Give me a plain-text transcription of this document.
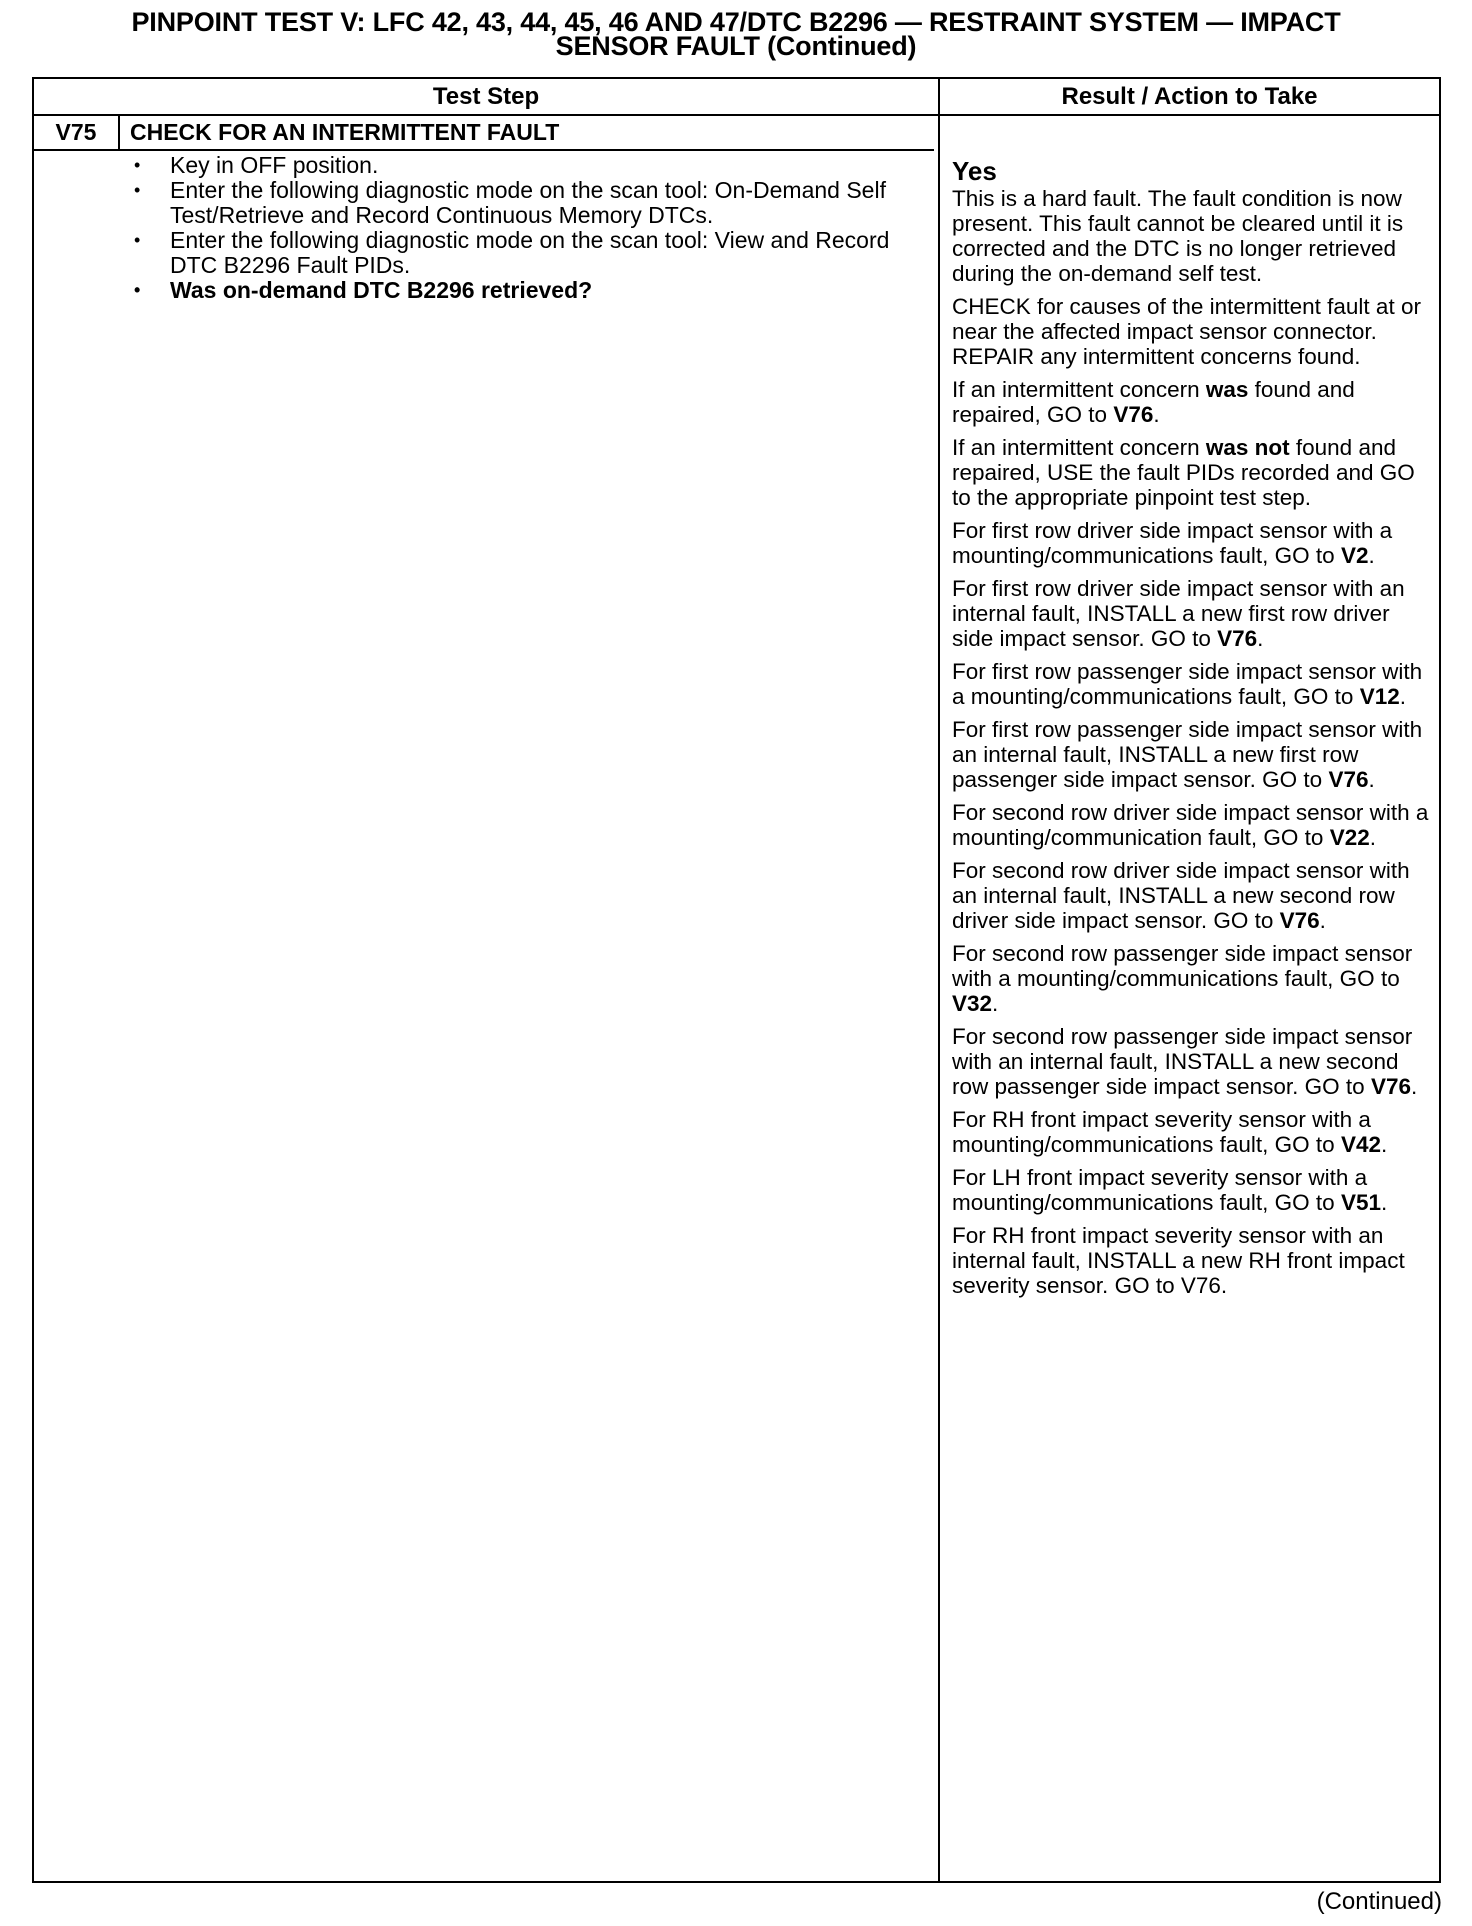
PINPOINT TEST V: LFC 42, 43, 44, 45, 46 AND 47/DTC B2296 — RESTRAINT SYSTEM — IMPACT
SENSOR FAULT (Continued)
Test Step	Result / Action to Take
V75	CHECK FOR AN INTERMITTENT FAULT
• Key in OFF position.
• Enter the following diagnostic mode on the scan tool: On-Demand Self Test/Retrieve and Record Continuous Memory DTCs.
• Enter the following diagnostic mode on the scan tool: View and Record DTC B2296 Fault PIDs.
• Was on-demand DTC B2296 retrieved?
Yes

This is a hard fault. The fault condition is now present. This fault cannot be cleared until it is corrected and the DTC is no longer retrieved during the on-demand self test.

CHECK for causes of the intermittent fault at or near the affected impact sensor connector. REPAIR any intermittent concerns found.

If an intermittent concern was found and repaired, GO to V76.

If an intermittent concern was not found and repaired, USE the fault PIDs recorded and GO to the appropriate pinpoint test step.

For first row driver side impact sensor with a mounting/communications fault, GO to V2.

For first row driver side impact sensor with an internal fault, INSTALL a new first row driver side impact sensor. GO to V76.

For first row passenger side impact sensor with a mounting/communications fault, GO to V12.

For first row passenger side impact sensor with an internal fault, INSTALL a new first row passenger side impact sensor. GO to V76.

For second row driver side impact sensor with a mounting/communication fault, GO to V22.

For second row driver side impact sensor with an internal fault, INSTALL a new second row driver side impact sensor. GO to V76.

For second row passenger side impact sensor with a mounting/communications fault, GO to V32.

For second row passenger side impact sensor with an internal fault, INSTALL a new second row passenger side impact sensor. GO to V76.

For RH front impact severity sensor with a mounting/communications fault, GO to V42.

For LH front impact severity sensor with a mounting/communications fault, GO to V51.

For RH front impact severity sensor with an internal fault, INSTALL a new RH front impact severity sensor. GO to V76.

(Continued)
